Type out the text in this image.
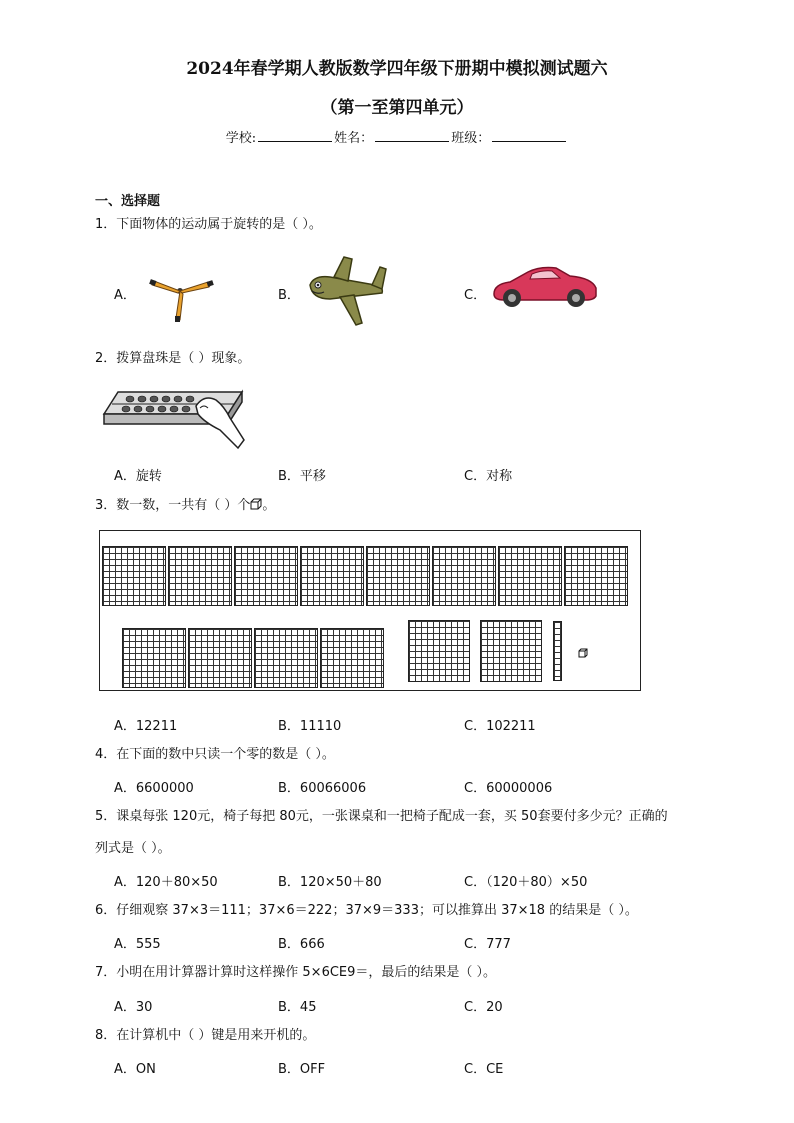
2024年春学期人教版数学四年级下册期中模拟测试题六
（第一至第四单元）
学校:	姓名：	班级：
一、选择题
1．下面物体的运动属于旋转的是（ ）。
A．	B．	C．
2．拨算盘珠是（ ）现象。
A．旋转	B．平移	C．对称
3．数一数，一共有（ ）个 。
A．12211	B．11110	C．102211
4．在下面的数中只读一个零的数是（ ）。
A．6600000	B．60066006	C．60000006
5．课桌每张 120元，椅子每把 80元，一张课桌和一把椅子配成一套，买 50套要付多少元？正确的
列式是（ ）。
A．120＋80×50	B．120×50＋80	C．（120＋80）×50
6．仔细观察 37×3＝111；37×6＝222；37×9＝333；可以推算出 37×18 的结果是（ ）。
A．555	B．666	C．777
7．小明在用计算器计算时这样操作 5×6CE9＝，最后的结果是（ ）。
A．30	B．45	C．20
8．在计算机中（ ）键是用来开机的。
A．ON	B．OFF	C．CE
